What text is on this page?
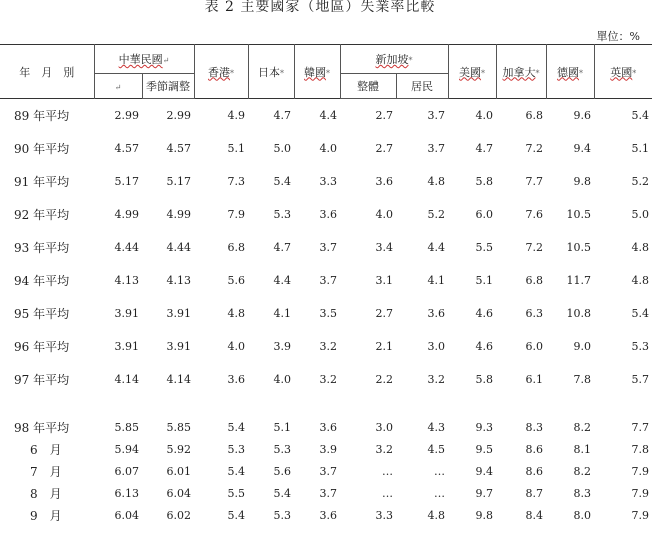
表 2 主要國家（地區）失業率比較
單位：%
年　月　別	中華民國↵		香港*	日本*	韓國*	新加坡*		美國*	加拿大*	德國*	英國*
	↵	季節調整				整體	居民				
89 年平均	2.99	2.99	4.9	4.7	4.4	2.7	3.7	4.0	6.8	9.6	5.4
90 年平均	4.57	4.57	5.1	5.0	4.0	2.7	3.7	4.7	7.2	9.4	5.1
91 年平均	5.17	5.17	7.3	5.4	3.3	3.6	4.8	5.8	7.7	9.8	5.2
92 年平均	4.99	4.99	7.9	5.3	3.6	4.0	5.2	6.0	7.6	10.5	5.0
93 年平均	4.44	4.44	6.8	4.7	3.7	3.4	4.4	5.5	7.2	10.5	4.8
94 年平均	4.13	4.13	5.6	4.4	3.7	3.1	4.1	5.1	6.8	11.7	4.8
95 年平均	3.91	3.91	4.8	4.1	3.5	2.7	3.6	4.6	6.3	10.8	5.4
96 年平均	3.91	3.91	4.0	3.9	3.2	2.1	3.0	4.6	6.0	9.0	5.3
97 年平均	4.14	4.14	3.6	4.0	3.2	2.2	3.2	5.8	6.1	7.8	5.7

98 年平均	5.85	5.85	5.4	5.1	3.6	3.0	4.3	9.3	8.3	8.2	7.7
6　月	5.94	5.92	5.3	5.3	3.9	3.2	4.5	9.5	8.6	8.1	7.8
7　月	6.07	6.01	5.4	5.6	3.7	…	…	9.4	8.6	8.2	7.9
8　月	6.13	6.04	5.5	5.4	3.7	…	…	9.7	8.7	8.3	7.9
9　月	6.04	6.02	5.4	5.3	3.6	3.3	4.8	9.8	8.4	8.0	7.9
